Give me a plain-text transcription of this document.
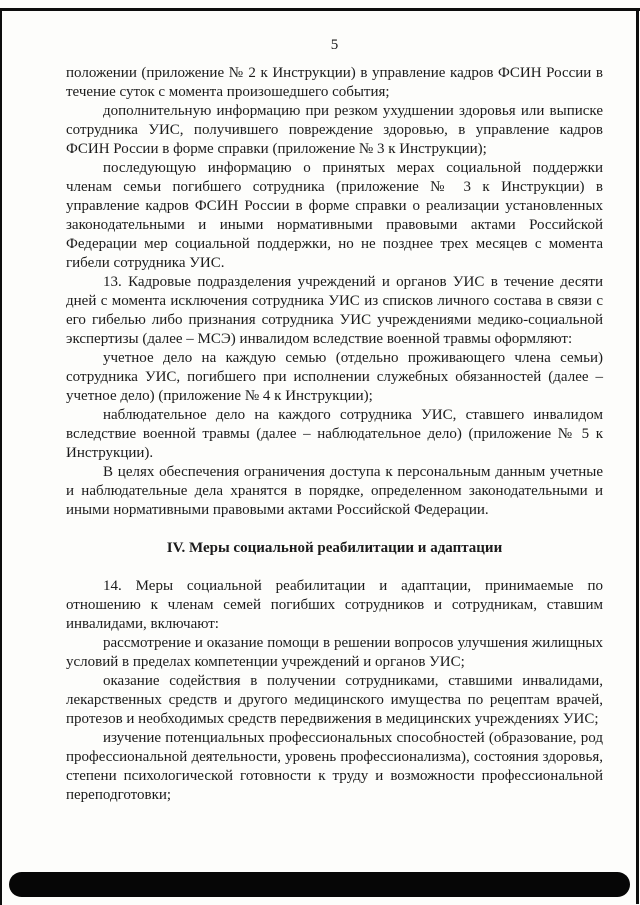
5

положении (приложение № 2 к Инструкции) в управление кадров ФСИН России в течение суток с момента произошедшего события;

дополнительную информацию при резком ухудшении здоровья или выписке сотрудника УИС, получившего повреждение здоровью, в управление кадров ФСИН России в форме справки (приложение № 3 к Инструкции);

последующую информацию о принятых мерах социальной поддержки членам семьи погибшего сотрудника (приложение № 3 к Инструкции) в управление кадров ФСИН России в форме справки о реализации установленных законодательными и иными нормативными правовыми актами Российской Федерации мер социальной поддержки, но не позднее трех месяцев с момента гибели сотрудника УИС.

13. Кадровые подразделения учреждений и органов УИС в течение десяти дней с момента исключения сотрудника УИС из списков личного состава в связи с его гибелью либо признания сотрудника УИС учреждениями медико-социальной экспертизы (далее – МСЭ) инвалидом вследствие военной травмы оформляют:

учетное дело на каждую семью (отдельно проживающего члена семьи) сотрудника УИС, погибшего при исполнении служебных обязанностей (далее – учетное дело) (приложение № 4 к Инструкции);

наблюдательное дело на каждого сотрудника УИС, ставшего инвалидом вследствие военной травмы (далее – наблюдательное дело) (приложение № 5 к Инструкции).

В целях обеспечения ограничения доступа к персональным данным учетные и наблюдательные дела хранятся в порядке, определенном законодательными и иными нормативными правовыми актами Российской Федерации.

IV. Меры социальной реабилитации и адаптации

14. Меры социальной реабилитации и адаптации, принимаемые по отношению к членам семей погибших сотрудников и сотрудникам, ставшим инвалидами, включают:

рассмотрение и оказание помощи в решении вопросов улучшения жилищных условий в пределах компетенции учреждений и органов УИС;

оказание содействия в получении сотрудниками, ставшими инвалидами, лекарственных средств и другого медицинского имущества по рецептам врачей, протезов и необходимых средств передвижения в медицинских учреждениях УИС;

изучение потенциальных профессиональных способностей (образование, род профессиональной деятельности, уровень профессионализма), состояния здоровья, степени психологической готовности к труду и возможности профессиональной переподготовки;
